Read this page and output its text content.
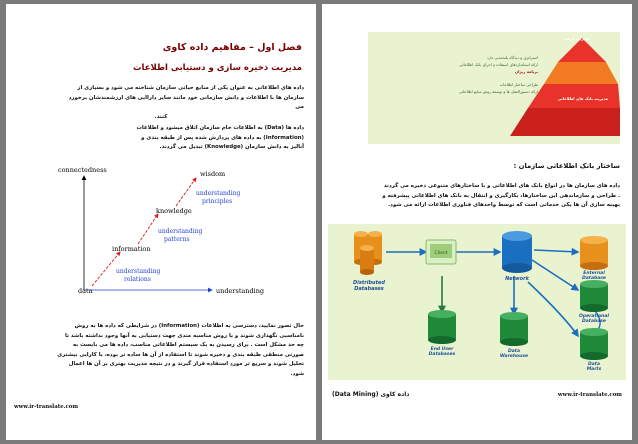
فصل اول – مفاهیم داده کاوی
مدیریت ذخیره سازی و دستیابی اطلاعات
داده های اطلاعاتی به عنوان یکی از منابع حیاتی سازمان شناخته می شود و بسیاری از
سازمان ها با اطلاعات و دانش سازمانی خود مانند سایر داراایی های ارزشمندشان برخورد
می
کنند.
داده ها (Data) به اطلاعات خام سازمان اتلاق میشود و اطلاعات
(Information) به داده های پردازش شده پس از طبقه بندی و
آنالیز به دانش سازمان (Knowledge) تبدیل می گردند.
connectedness
understanding
data
information
knowledge
wisdom
understanding
relations
understanding
patterns
understanding
principles
حال تصور نمایید، دسترسی به اطلاعات (Information) در شرایطی که داده ها به روش
نامناسبی نگهداری شوند و یا روش مناسبه متدی جهت دستیابی به آنها وجود نداشته باشد تا
چه حد مشکل است . برای رسیدن به یک سیستم اطلاعاتی مناسب، داده ها می بایست به
صورتی منطقی طبقه بندی و ذخیره شوند تا استفاده از آن ها ساده تر بوده، با کارایی بیشتری
تحلیل شوند و سریع تر مورد استفاده قرار گیرند و در نتیجه مدیریت بهتری بر آن ها اعمال
شود.
www.ir-translate.com
مدیریت ارشد
استراتژی و دیدگاه بلندمدتی دارد
ارائه استانداردهای استفاده و اجرای بانک اطلاعاتی
برنامه ریزان
طراحی ساختار اطلاعات
ارائه دستورالعمل ها و توسعه روش منابع اطلاعاتی
مدیریت بانک های اطلاعاتی
ساختار بانک اطلاعاتی سازمان :
داده های سازمان ها در انواع بانک های اطلاعاتی و با ساختارهای متنوعی ذخیره می گردند
. طراحی و سازماندهی این ساختارها، بکارگیری و انتقال به بانک های اطلاعاتی پیشرفته و
بهینه سازی آن ها یکی خدماتی است که توسط واحدهای فناوری اطلاعات ارائه می شود.
Distributed
Databases
Client
Network
Enternal
Database
Operational
Database
Data
Marts
End User
Databases
Data
Warehouse
(Data Mining) داده کاوی	www.ir-translate.com
